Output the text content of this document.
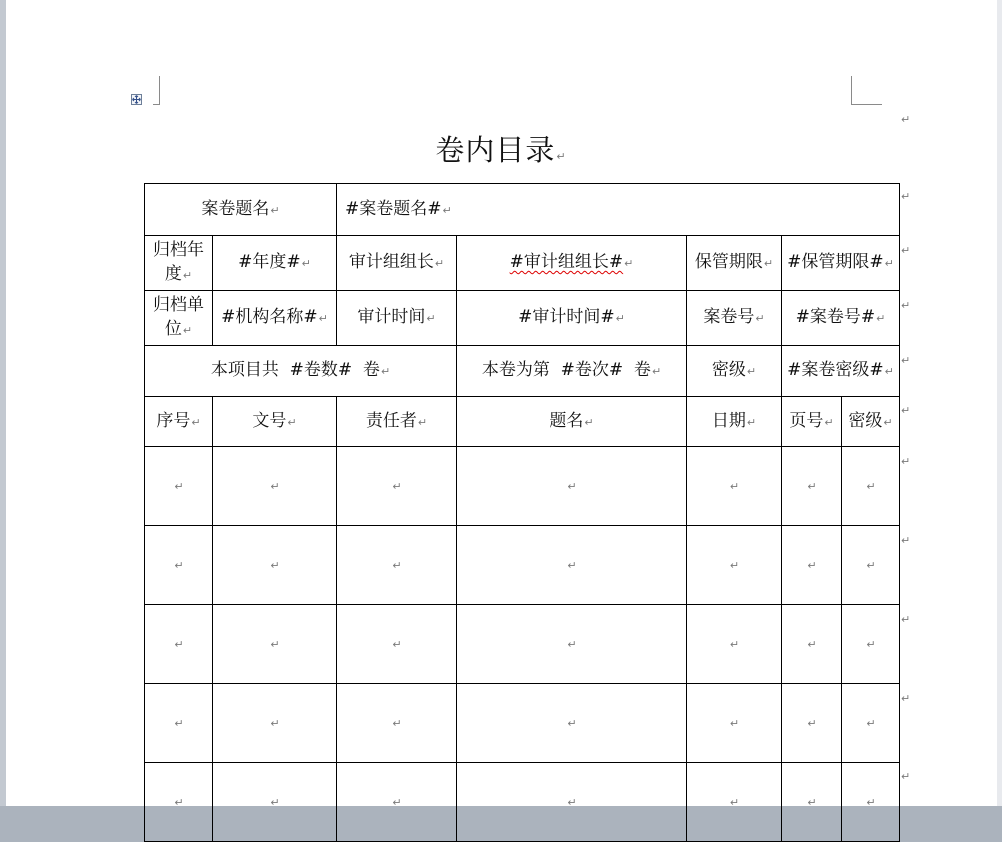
↵
卷内目录↵
案卷题名↵		#案卷题名#↵				
归档年度↵	#年度#↵	审计组组长↵	#审计组组长#↵	保管期限↵	#保管期限#↵	
归档单位↵	#机构名称#↵	审计时间↵	#审计时间#↵	案卷号↵	#案卷号#↵	
本项目共  #卷数#  卷↵			本卷为第  #卷次#  卷↵	密级↵	#案卷密级#↵	
序号↵	文号↵	责任者↵	题名↵	日期↵	页号↵	密级↵
↵	↵	↵	↵	↵	↵	↵
↵	↵	↵	↵	↵	↵	↵
↵	↵	↵	↵	↵	↵	↵
↵	↵	↵	↵	↵	↵	↵
↵	↵	↵	↵	↵	↵	↵
↵
↵
↵
↵
↵
↵
↵
↵
↵
↵
